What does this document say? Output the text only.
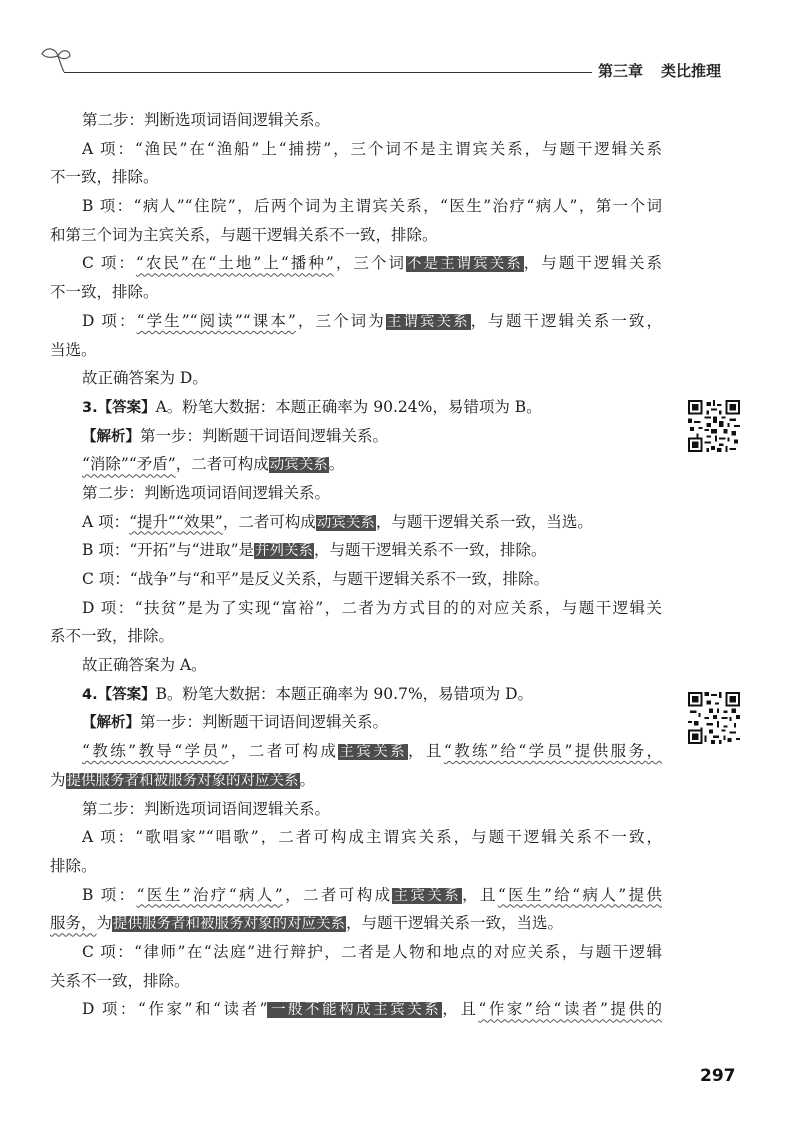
第三章 类比推理
第二步：判断选项词语间逻辑关系。
A 项：“渔民”在“渔船”上“捕捞”，三个词不是主谓宾关系，与题干逻辑关系
不一致，排除。
B 项：“病人”“住院”，后两个词为主谓宾关系，“医生”治疗“病人”，第一个词
和第三个词为主宾关系，与题干逻辑关系不一致，排除。
C 项：“农民”在“土地”上“播种”，三个词不是主谓宾关系，与题干逻辑关系
不一致，排除。
D 项：“学生”“阅读”“课本”，三个词为主谓宾关系，与题干逻辑关系一致，
当选。
故正确答案为 D。
3.【答案】A。粉笔大数据：本题正确率为 90.24%，易错项为 B。
【解析】第一步：判断题干词语间逻辑关系。
“消除”“矛盾”，二者可构成动宾关系。
第二步：判断选项词语间逻辑关系。
A 项：“提升”“效果”，二者可构成动宾关系，与题干逻辑关系一致，当选。
B 项：“开拓”与“进取”是并列关系，与题干逻辑关系不一致，排除。
C 项：“战争”与“和平”是反义关系，与题干逻辑关系不一致，排除。
D 项：“扶贫”是为了实现“富裕”，二者为方式目的的对应关系，与题干逻辑关
系不一致，排除。
故正确答案为 A。
4.【答案】B。粉笔大数据：本题正确率为 90.7%，易错项为 D。
【解析】第一步：判断题干词语间逻辑关系。
“教练”教导“学员”，二者可构成主宾关系，且“教练”给“学员”提供服务，
为提供服务者和被服务对象的对应关系。
第二步：判断选项词语间逻辑关系。
A 项：“歌唱家”“唱歌”，二者可构成主谓宾关系，与题干逻辑关系不一致，
排除。
B 项：“医生”治疗“病人”，二者可构成主宾关系，且“医生”给“病人”提供
服务，为提供服务者和被服务对象的对应关系，与题干逻辑关系一致，当选。
C 项：“律师”在“法庭”进行辩护，二者是人物和地点的对应关系，与题干逻辑
关系不一致，排除。
D 项：“作家”和“读者”一般不能构成主宾关系，且“作家”给“读者”提供的
297
